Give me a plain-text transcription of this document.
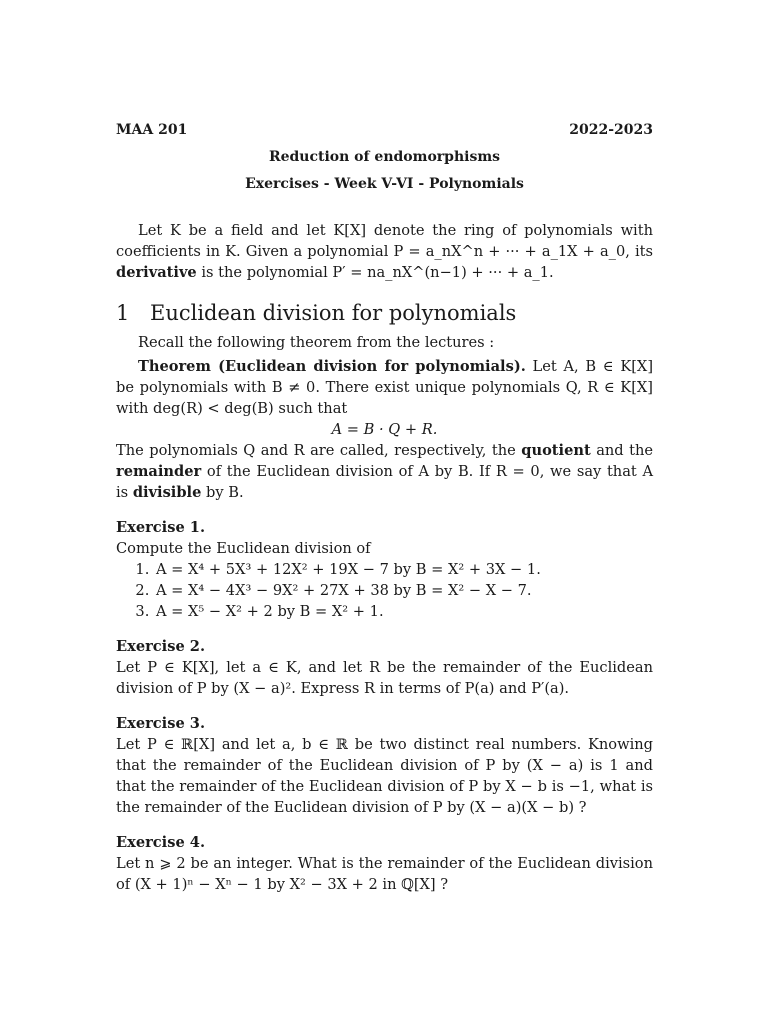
MAA 201	2022-2023
Reduction of endomorphisms
Exercises - Week V-VI - Polynomials

Let K be a field and let K[X] denote the ring of polynomials with coefficients in K. Given a polynomial P = a_nX^n + ··· + a_1X + a_0, its derivative is the polynomial P′ = na_nX^(n−1) + ··· + a_1.

1 Euclidean division for polynomials

Recall the following theorem from the lectures :

Theorem (Euclidean division for polynomials). Let A, B ∈ K[X] be polynomials with B ≠ 0. There exist unique polynomials Q, R ∈ K[X] with deg(R) < deg(B) such that

A = B · Q + R.

The polynomials Q and R are called, respectively, the quotient and the remainder of the Euclidean division of A by B. If R = 0, we say that A is divisible by B.

Exercise 1.

Compute the Euclidean division of

1. A = X⁴ + 5X³ + 12X² + 19X − 7 by B = X² + 3X − 1.
2. A = X⁴ − 4X³ − 9X² + 27X + 38 by B = X² − X − 7.
3. A = X⁵ − X² + 2 by B = X² + 1.
Exercise 2.

Let P ∈ K[X], let a ∈ K, and let R be the remainder of the Euclidean division of P by (X − a)². Express R in terms of P(a) and P′(a).

Exercise 3.

Let P ∈ ℝ[X] and let a, b ∈ ℝ be two distinct real numbers. Knowing that the remainder of the Euclidean division of P by (X − a) is 1 and that the remainder of the Euclidean division of P by X − b is −1, what is the remainder of the Euclidean division of P by (X − a)(X − b) ?

Exercise 4.

Let n ⩾ 2 be an integer. What is the remainder of the Euclidean division of (X + 1)ⁿ − Xⁿ − 1 by X² − 3X + 2 in ℚ[X] ?
